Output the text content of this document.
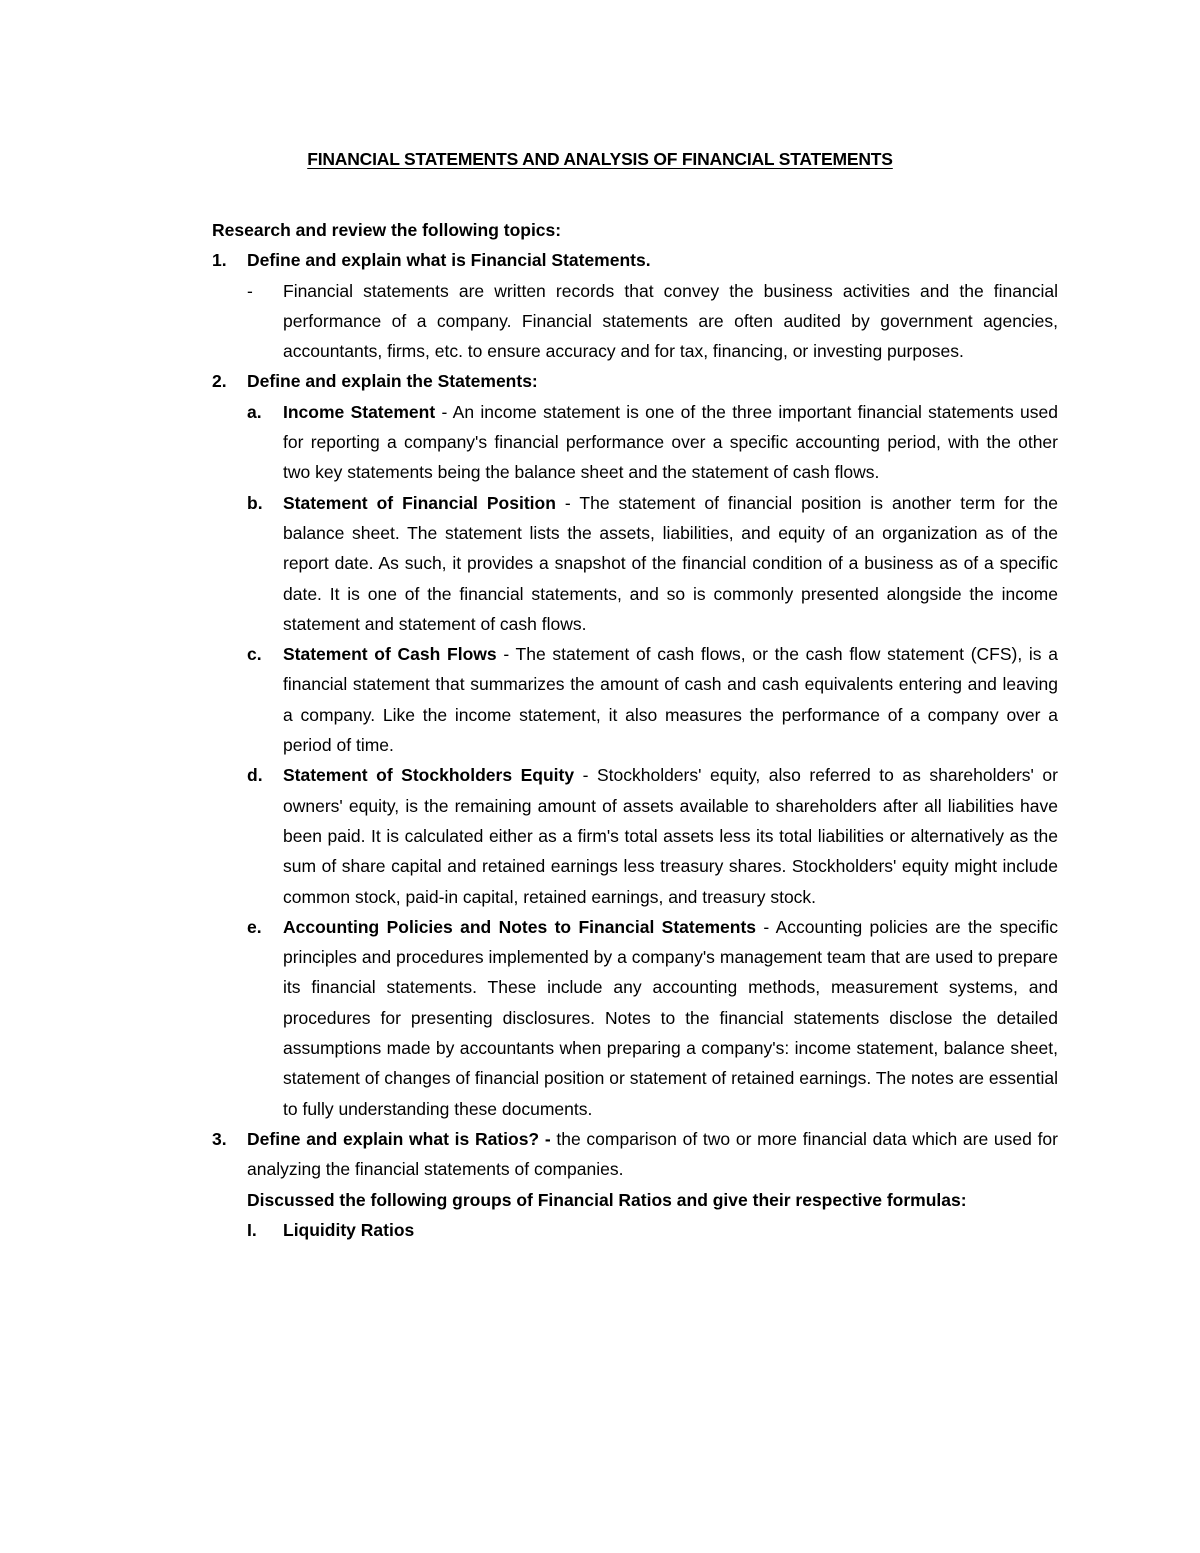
FINANCIAL STATEMENTS AND ANALYSIS OF FINANCIAL STATEMENTS
Research and review the following topics:
1. Define and explain what is Financial Statements.
- Financial statements are written records that convey the business activities and the financial performance of a company. Financial statements are often audited by government agencies, accountants, firms, etc. to ensure accuracy and for tax, financing, or investing purposes.
2. Define and explain the Statements:
a. Income Statement - An income statement is one of the three important financial statements used for reporting a company's financial performance over a specific accounting period, with the other two key statements being the balance sheet and the statement of cash flows.
b. Statement of Financial Position - The statement of financial position is another term for the balance sheet. The statement lists the assets, liabilities, and equity of an organization as of the report date. As such, it provides a snapshot of the financial condition of a business as of a specific date. It is one of the financial statements, and so is commonly presented alongside the income statement and statement of cash flows.
c. Statement of Cash Flows - The statement of cash flows, or the cash flow statement (CFS), is a financial statement that summarizes the amount of cash and cash equivalents entering and leaving a company. Like the income statement, it also measures the performance of a company over a period of time.
d. Statement of Stockholders Equity - Stockholders' equity, also referred to as shareholders' or owners' equity, is the remaining amount of assets available to shareholders after all liabilities have been paid. It is calculated either as a firm's total assets less its total liabilities or alternatively as the sum of share capital and retained earnings less treasury shares. Stockholders' equity might include common stock, paid-in capital, retained earnings, and treasury stock.
e. Accounting Policies and Notes to Financial Statements - Accounting policies are the specific principles and procedures implemented by a company's management team that are used to prepare its financial statements. These include any accounting methods, measurement systems, and procedures for presenting disclosures. Notes to the financial statements disclose the detailed assumptions made by accountants when preparing a company's: income statement, balance sheet, statement of changes of financial position or statement of retained earnings. The notes are essential to fully understanding these documents.
3. Define and explain what is Ratios? - the comparison of two or more financial data which are used for analyzing the financial statements of companies.
Discussed the following groups of Financial Ratios and give their respective formulas:
I. Liquidity Ratios
